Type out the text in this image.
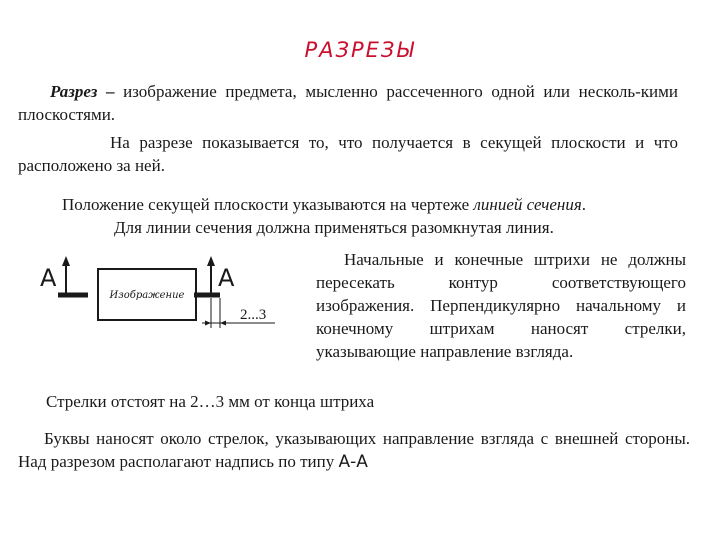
РАЗРЕЗЫ

Разрез – изображение предмета, мысленно рассеченного одной или несколь-кими плоскостями.

На разрезе показывается то, что получается в секущей плоскости и что расположено за ней.

Положение секущей плоскости указываются на чертеже линией сечения.
Для линии сечения должна применяться разомкнутая линия.
А
Изображение
А
2...3

Начальные и конечные штрихи не должны пересекать контур соответствующего изображения. Перпендикулярно начальному и конечному штрихам наносят стрелки, указывающие направление взгляда.

Стрелки отстоят на 2…3 мм от конца штриха

Буквы наносят около стрелок, указывающих направление взгляда с внешней стороны. Над разрезом располагают надпись по типу А-А
